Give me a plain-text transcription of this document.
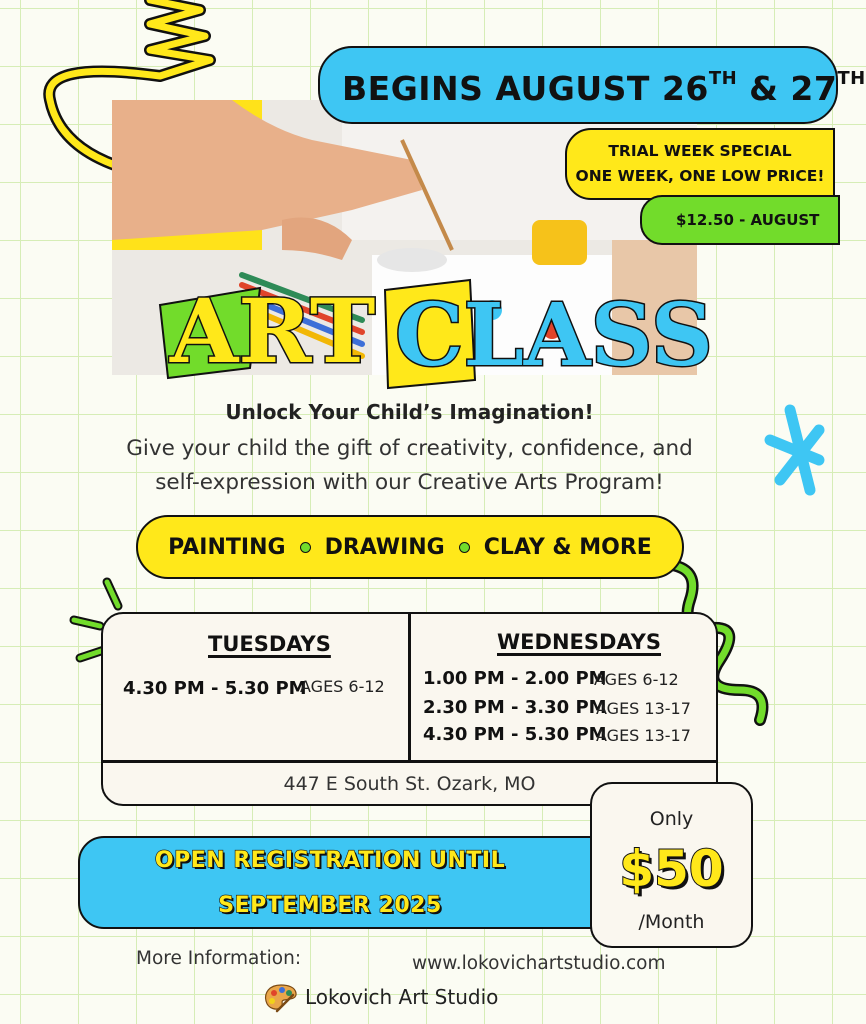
BEGINS AUGUST 26TH & 27TH
TRIAL WEEK SPECIAL
ONE WEEK, ONE LOW PRICE!
$12.50 - AUGUST
ART CLASS
Unlock Your Child’s Imagination!
Give your child the gift of creativity, confidence, and
self-expression with our Creative Arts Program!
PAINTING DRAWING CLAY & MORE
TUESDAYS
4.30 PM - 5.30 PM
AGES 6-12
WEDNESDAYS
1.00 PM - 2.00 PM
AGES 6-12
2.30 PM - 3.30 PM
AGES 13-17
4.30 PM - 5.30 PM
AGES 13-17
447 E South St. Ozark, MO
OPEN REGISTRATION UNTIL
SEPTEMBER 2025
Only
$50
/Month
More Information:	www.lokovichartstudio.com
Lokovich Art Studio
